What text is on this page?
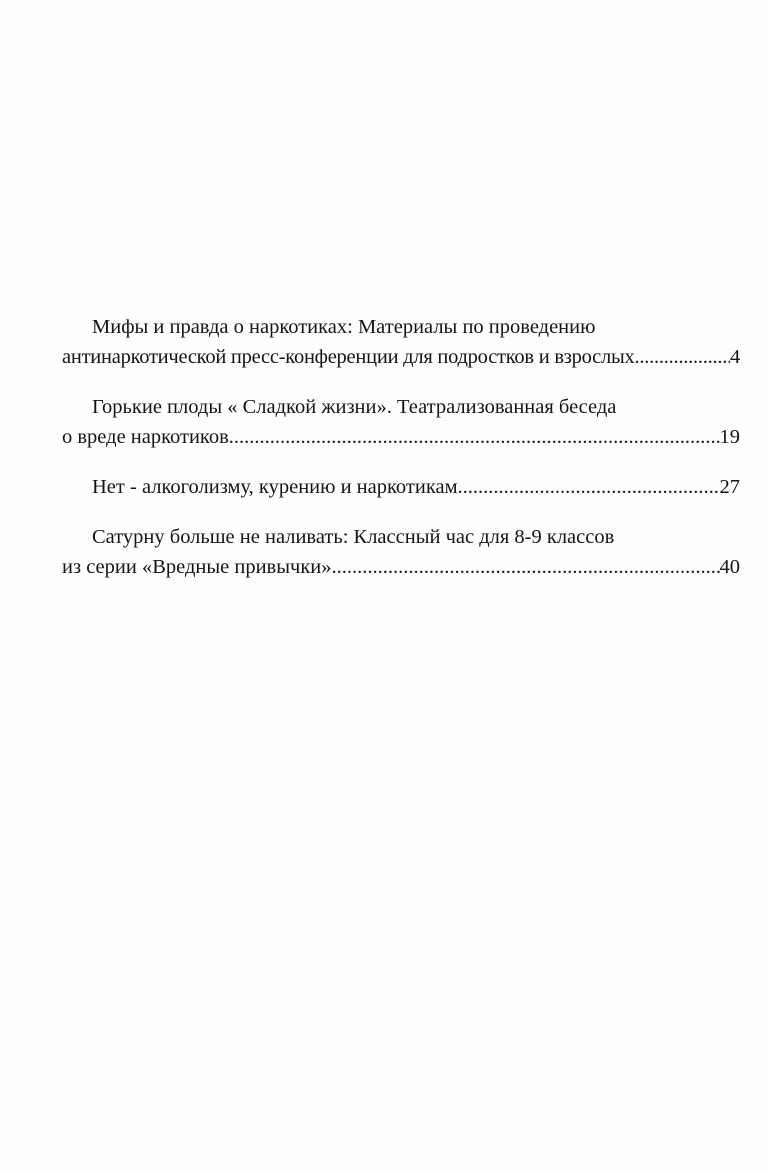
Мифы и правда о наркотиках: Материалы по проведению
антинаркотической пресс-конференции для подростков и взрослых .....	4
Горькие плоды « Сладкой жизни». Театрализованная беседа
о вреде наркотиков .....	19
Нет - алкоголизму, курению и наркотикам .....	27
Сатурну больше не наливать: Классный час для 8-9 классов
из серии «Вредные привычки» .....	40
